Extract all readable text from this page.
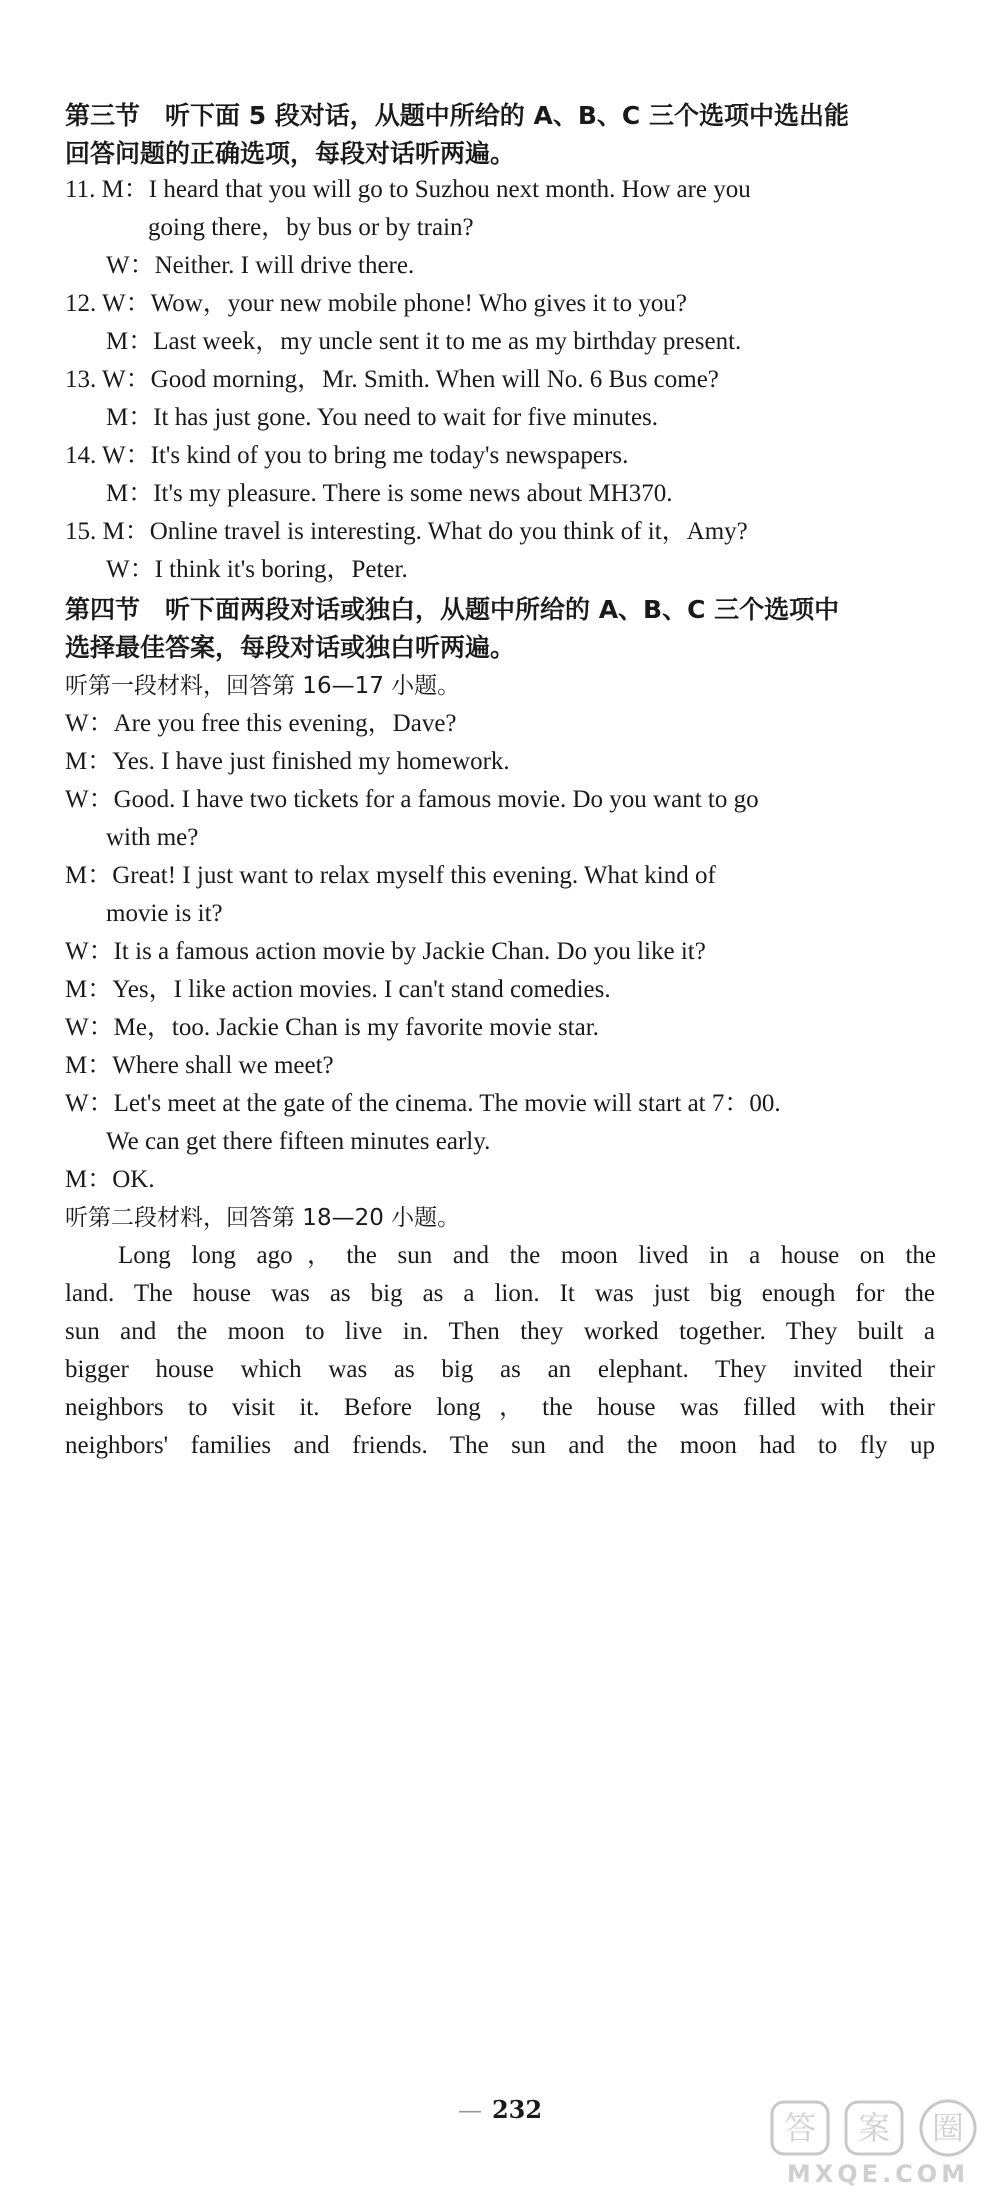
第三节　听下面 5 段对话，从题中所给的 A、B、C 三个选项中选出能
回答问题的正确选项，每段对话听两遍。
11. M：I heard that you will go to Suzhou next month. How are you
going there，by bus or by train?
W：Neither. I will drive there.
12. W：Wow，your new mobile phone! Who gives it to you?
M：Last week，my uncle sent it to me as my birthday present.
13. W：Good morning，Mr. Smith. When will No. 6 Bus come?
M：It has just gone. You need to wait for five minutes.
14. W：It's kind of you to bring me today's newspapers.
M：It's my pleasure. There is some news about MH370.
15. M：Online travel is interesting. What do you think of it，Amy?
W：I think it's boring，Peter.
第四节　听下面两段对话或独白，从题中所给的 A、B、C 三个选项中
选择最佳答案，每段对话或独白听两遍。
听第一段材料，回答第 16—17 小题。
W：Are you free this evening，Dave?
M：Yes. I have just finished my homework.
W：Good. I have two tickets for a famous movie. Do you want to go
with me?
M：Great! I just want to relax myself this evening. What kind of
movie is it?
W：It is a famous action movie by Jackie Chan. Do you like it?
M：Yes，I like action movies. I can't stand comedies.
W：Me，too. Jackie Chan is my favorite movie star.
M：Where shall we meet?
W：Let's meet at the gate of the cinema. The movie will start at 7：00.
We can get there fifteen minutes early.
M：OK.
听第二段材料，回答第 18—20 小题。
Long long ago，the sun and the moon lived in a house on the
land. The house was as big as a lion. It was just big enough for the
sun and the moon to live in. Then they worked together. They built a
bigger house which was as big as an elephant. They invited their
neighbors to visit it. Before long，the house was filled with their
neighbors' families and friends. The sun and the moon had to fly up
— 232	答 案 圈
MXQE.COM
